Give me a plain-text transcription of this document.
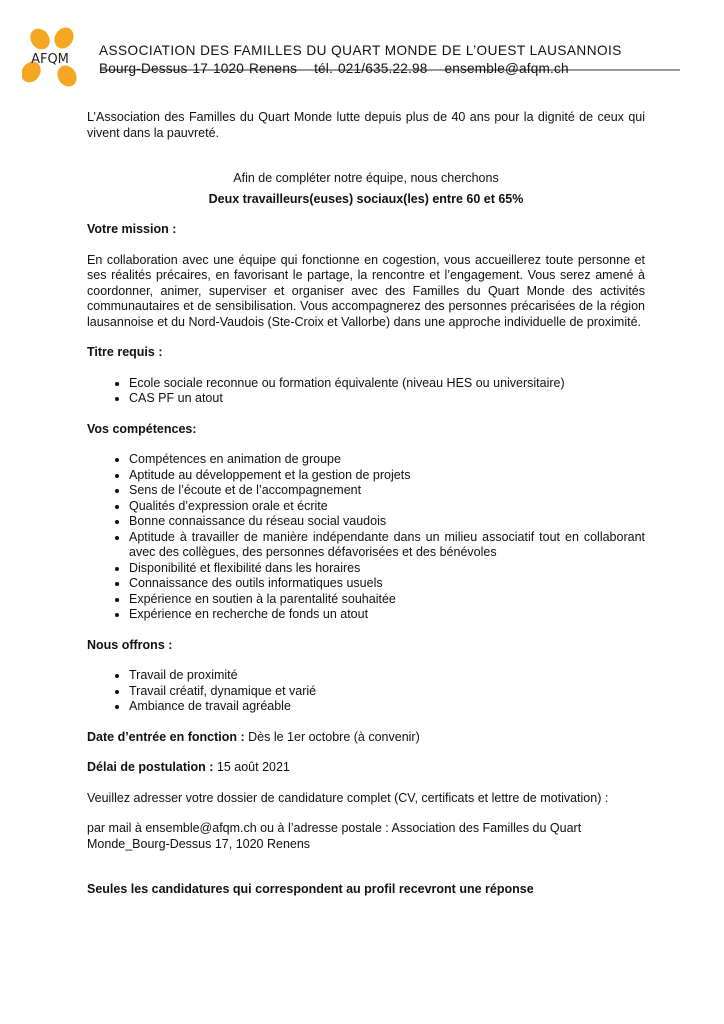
AFQM
ASSOCIATION DES FAMILLES DU QUART MONDE DE L’OUEST LAUSANNOIS
Bourg-Dessus 17 1020 Renens tél. 021/635.22.98 ensemble@afqm.ch

L’Association des Familles du Quart Monde lutte depuis plus de 40 ans pour la dignité de ceux qui vivent dans la pauvreté.

Afin de compléter notre équipe, nous cherchons

Deux travailleurs(euses) sociaux(les) entre 60 et 65%

Votre mission :

En collaboration avec une équipe qui fonctionne en cogestion, vous accueillerez toute personne et ses réalités précaires, en favorisant le partage, la rencontre et l’engagement. Vous serez amené à coordonner, animer, superviser et organiser avec des Familles du Quart Monde des activités communautaires et de sensibilisation. Vous accompagnerez des personnes précarisées de la région lausannoise et du Nord-Vaudois (Ste-Croix et Vallorbe) dans une approche individuelle de proximité.

Titre requis :

• Ecole sociale reconnue ou formation équivalente (niveau HES ou universitaire)
• CAS PF un atout

Vos compétences:

• Compétences en animation de groupe
• Aptitude au développement et la gestion de projets
• Sens de l’écoute et de l’accompagnement
• Qualités d’expression orale et écrite
• Bonne connaissance du réseau social vaudois
• Aptitude à travailler de manière indépendante dans un milieu associatif tout en collaborant avec des collègues, des personnes défavorisées et des bénévoles
• Disponibilité et flexibilité dans les horaires
• Connaissance des outils informatiques usuels
• Expérience en soutien à la parentalité souhaitée
• Expérience en recherche de fonds un atout

Nous offrons :

• Travail de proximité
• Travail créatif, dynamique et varié
• Ambiance de travail agréable

Date d’entrée en fonction : Dès le 1er octobre (à convenir)

Délai de postulation : 15 août 2021

Veuillez adresser votre dossier de candidature complet (CV, certificats et lettre de motivation) :

par mail à ensemble@afqm.ch ou à l’adresse postale : Association des Familles du Quart Monde_Bourg-Dessus 17, 1020 Renens

Seules les candidatures qui correspondent au profil recevront une réponse
